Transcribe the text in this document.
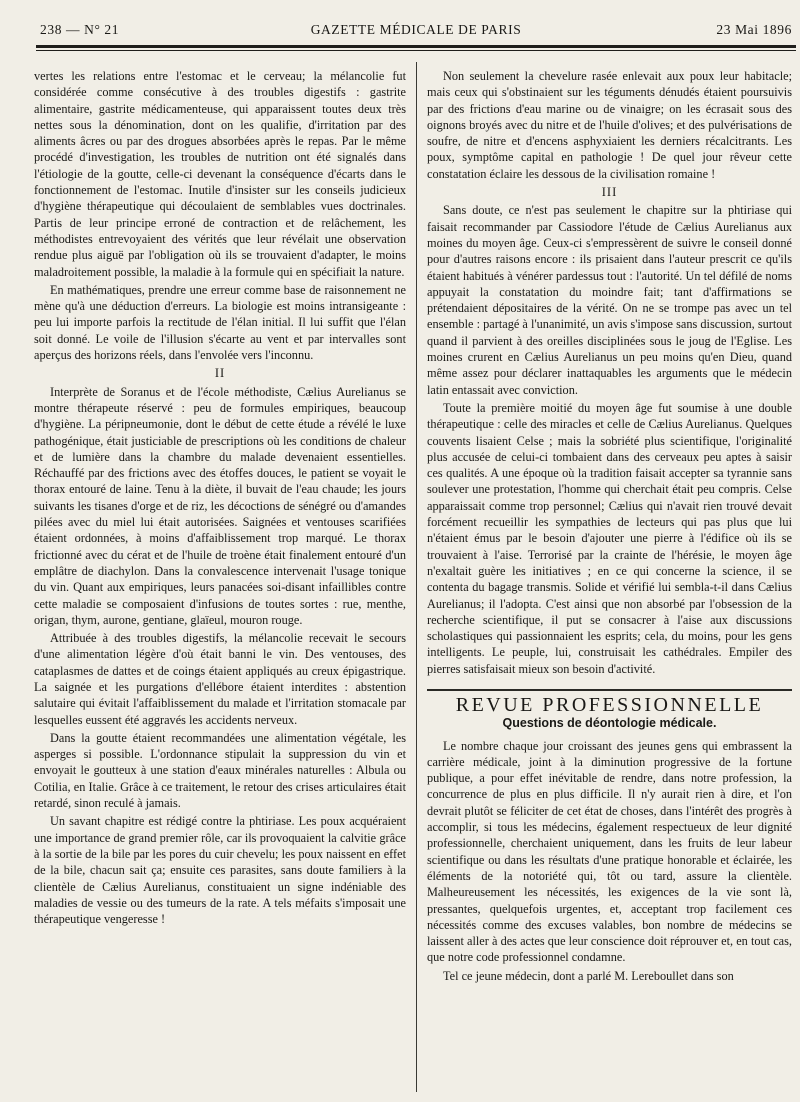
238 — N° 21	GAZETTE MÉDICALE DE PARIS	23 Mai 1896

vertes les relations entre l'estomac et le cerveau; la mélancolie fut considérée comme consécutive à des troubles digestifs : gastrite alimentaire, gastrite médicamenteuse, qui apparaissent toutes deux très nettes sous la dénomination, dont on les qualifie, d'irritation par des aliments âcres ou par des drogues absorbées après le repas. Par le même procédé d'investigation, les troubles de nutrition ont été signalés dans l'étiologie de la goutte, celle-ci devenant la conséquence d'écarts dans le fonctionnement de l'estomac. Inutile d'insister sur les conseils judicieux d'hygiène thérapeutique qui découlaient de semblables vues doctrinales. Partis de leur principe erroné de contraction et de relâchement, les méthodistes entrevoyaient des vérités que leur révélait une observation rendue plus aiguë par l'obligation où ils se trouvaient d'adapter, le moins maladroitement possible, la maladie à la formule qui en spécifiait la nature.

En mathématiques, prendre une erreur comme base de raisonnement ne mène qu'à une déduction d'erreurs. La biologie est moins intransigeante : peu lui importe parfois la rectitude de l'élan initial. Il lui suffit que l'élan soit donné. Le voile de l'illusion s'écarte au vent et par intervalles sont aperçus des horizons réels, dans l'envolée vers l'inconnu.

II

Interprète de Soranus et de l'école méthodiste, Cælius Aurelianus se montre thérapeute réservé : peu de formules empiriques, beaucoup d'hygiène. La péripneumonie, dont le début de cette étude a révélé le luxe pathogénique, était justiciable de prescriptions où les conditions de chaleur et de lumière dans la chambre du malade devenaient essentielles. Réchauffé par des frictions avec des étoffes douces, le patient se voyait le thorax entouré de laine. Tenu à la diète, il buvait de l'eau chaude; les jours suivants les tisanes d'orge et de riz, les décoctions de sénégré ou d'amandes pilées avec du miel lui était autorisées. Saignées et ventouses scarifiées étaient ordonnées, à moins d'affaiblissement trop marqué. Le thorax frictionné avec du cérat et de l'huile de troène était finalement entouré d'un emplâtre de diachylon. Dans la convalescence intervenait l'usage tonique du vin. Quant aux empiriques, leurs panacées soi-disant infaillibles contre cette maladie se composaient d'infusions de toutes sortes : rue, menthe, origan, thym, aurone, gentiane, glaïeul, mouron rouge.

Attribuée à des troubles digestifs, la mélancolie recevait le secours d'une alimentation légère d'où était banni le vin. Des ventouses, des cataplasmes de dattes et de coings étaient appliqués au creux épigastrique. La saignée et les purgations d'ellébore étaient interdites : abstention salutaire qui évitait l'affaiblissement du malade et l'irritation stomacale par lesquelles eussent été aggravés les accidents nerveux.

Dans la goutte étaient recommandées une alimentation végétale, les asperges si possible. L'ordonnance stipulait la suppression du vin et envoyait le goutteux à une station d'eaux minérales naturelles : Albula ou Cotilia, en Italie. Grâce à ce traitement, le retour des crises articulaires était retardé, sinon reculé à jamais.

Un savant chapitre est rédigé contre la phtiriase. Les poux acquéraient une importance de grand premier rôle, car ils provoquaient la calvitie grâce à la sortie de la bile par les pores du cuir chevelu; les poux naissent en effet de la bile, chacun sait ça; ensuite ces parasites, sans doute familiers à la clientèle de Cælius Aurelianus, constituaient un signe indéniable des maladies de vessie ou des tumeurs de la rate. A tels méfaits s'imposait une thérapeutique vengeresse !

Non seulement la chevelure rasée enlevait aux poux leur habitacle; mais ceux qui s'obstinaient sur les téguments dénudés étaient poursuivis par des frictions d'eau marine ou de vinaigre; on les écrasait sous des oignons broyés avec du nitre et de l'huile d'olives; et des pulvérisations de soufre, de nitre et d'encens asphyxiaient les derniers récalcitrants. Les poux, symptôme capital en pathologie ! De quel jour rêveur cette constatation éclaire les dessous de la civilisation romaine !

III

Sans doute, ce n'est pas seulement le chapitre sur la phtiriase qui faisait recommander par Cassiodore l'étude de Cælius Aurelianus aux moines du moyen âge. Ceux-ci s'empressèrent de suivre le conseil donné pour d'autres raisons encore : ils prisaient dans l'auteur prescrit ce qu'ils étaient habitués à vénérer pardessus tout : l'autorité. Un tel défilé de noms appuyait la constatation du moindre fait; tant d'affirmations se prétendaient dépositaires de la vérité. On ne se trompe pas avec un tel ensemble : partagé à l'unanimité, un avis s'impose sans discussion, surtout quand il parvient à des oreilles disciplinées sous le joug de l'Eglise. Les moines crurent en Cælius Aurelianus un peu moins qu'en Dieu, quand même assez pour déclarer inattaquables les arguments que le médecin latin entassait avec conviction.

Toute la première moitié du moyen âge fut soumise à une double thérapeutique : celle des miracles et celle de Cælius Aurelianus. Quelques couvents lisaient Celse ; mais la sobriété plus scientifique, l'originalité plus accusée de celui-ci tombaient dans des cerveaux peu aptes à saisir ces qualités. A une époque où la tradition faisait accepter sa tyrannie sans soulever une protestation, l'homme qui cherchait était peu compris. Celse apparaissait comme trop personnel; Cælius qui n'avait rien trouvé devait forcément recueillir les sympathies de lecteurs qui pas plus que lui n'étaient émus par le besoin d'ajouter une pierre à l'édifice où ils se trouvaient à l'aise. Terrorisé par la crainte de l'hérésie, le moyen âge n'exaltait guère les initiatives ; en ce qui concerne la science, il se contenta du bagage transmis. Solide et vérifié lui sembla-t-il dans Cælius Aurelianus; il l'adopta. C'est ainsi que non absorbé par l'obsession de la recherche scientifique, il put se consacrer à l'aise aux discussions scholastiques qui passionnaient les esprits; cela, du moins, pour les gens intelligents. Le peuple, lui, construisait les cathédrales. Empiler des pierres satisfaisait mieux son besoin d'activité.

REVUE PROFESSIONNELLE
Questions de déontologie médicale.

Le nombre chaque jour croissant des jeunes gens qui embrassent la carrière médicale, joint à la diminution progressive de la fortune publique, a pour effet inévitable de rendre, dans notre profession, la concurrence de plus en plus difficile. Il n'y aurait rien à dire, et l'on devrait plutôt se féliciter de cet état de choses, dans l'intérêt des progrès à accomplir, si tous les médecins, également respectueux de leur dignité professionnelle, cherchaient uniquement, dans les fruits de leur labeur scientifique ou dans les résultats d'une pratique honorable et éclairée, les éléments de la notoriété qui, tôt ou tard, assure la clientèle. Malheureusement les nécessités, les exigences de la vie sont là, pressantes, quelquefois urgentes, et, acceptant trop facilement ces nécessités comme des excuses valables, bon nombre de médecins se laissent aller à des actes que leur conscience doit réprouver et, en tout cas, que notre code professionnel condamne.

Tel ce jeune médecin, dont a parlé M. Lereboullet dans son
